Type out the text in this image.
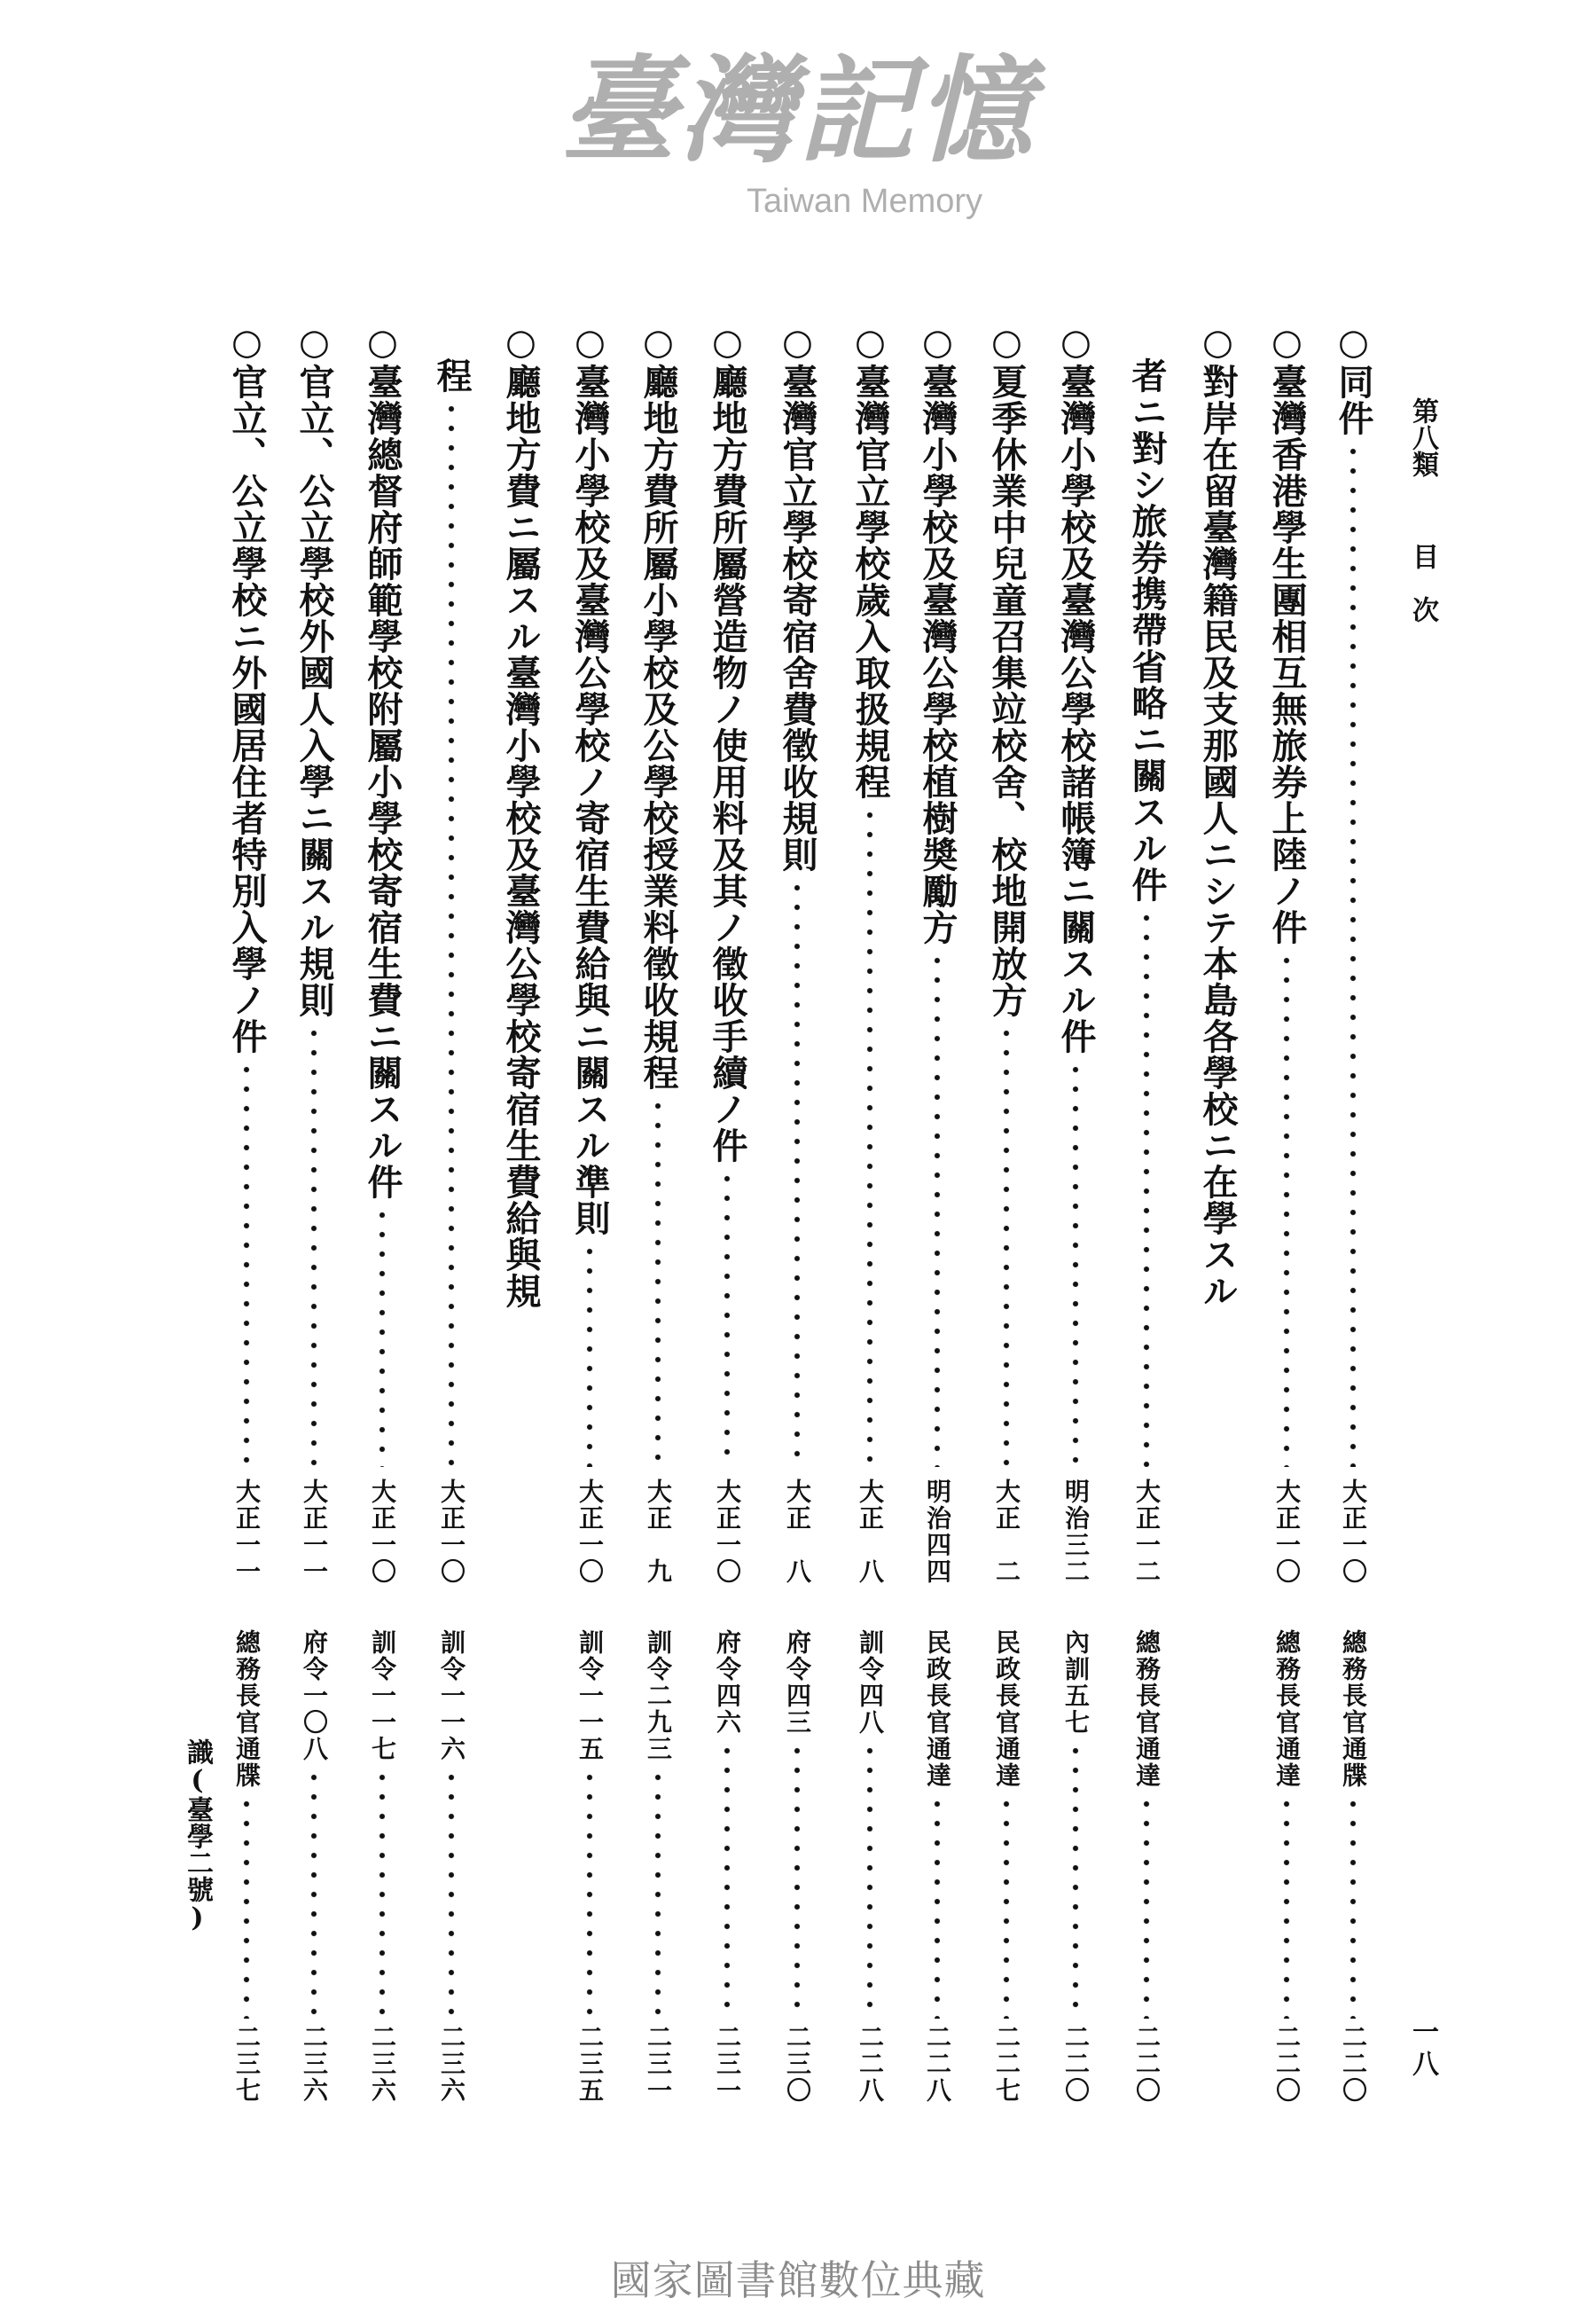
第八類
目次
一八
○同件
大正一〇
總務長官通牒
二二〇
○臺灣香港學生團相互無旅券上陸ノ件
大正一〇
總務長官通達
二二〇
○對岸在留臺灣籍民及支那國人ニシテ本島各學校ニ在學スル
者ニ對シ旅券携帶省略ニ關スル件
大正一二
總務長官通達
二二〇
○臺灣小學校及臺灣公學校諸帳簿ニ關スル件
明治三二
內訓五七
二二〇
○夏季休業中兒童召集竝校舍、校地開放方
大正　二
民政長官通達
二二七
○臺灣小學校及臺灣公學校植樹奬勵方
明治四四
民政長官通達
二二八
○臺灣官立學校歲入取扱規程
大正　八
訓令四八
二二八
○臺灣官立學校寄宿舍費徵收規則
大正　八
府令四三
二三〇
○廳地方費所屬營造物ノ使用料及其ノ徵收手續ノ件
大正一〇
府令四六
二三一
○廳地方費所屬小學校及公學校授業料徵收規程
大正　九
訓令二九三
二三一
○臺灣小學校及臺灣公學校ノ寄宿生費給與ニ關スル準則
大正一〇
訓令一一五
二三五
○廳地方費ニ屬スル臺灣小學校及臺灣公學校寄宿生費給與規
程
大正一〇
訓令一一六
二三六
○臺灣總督府師範學校附屬小學校寄宿生費ニ關スル件
大正一〇
訓令一一七
二三六
○官立、公立學校外國人入學ニ關スル規則
大正一一
府令一〇八
二三六
○官立、公立學校ニ外國居住者特別入學ノ件
大正一一
總務長官通牒
二三七
識(臺學二號)
臺灣記憶
Taiwan Memory
國家圖書館數位典藏
